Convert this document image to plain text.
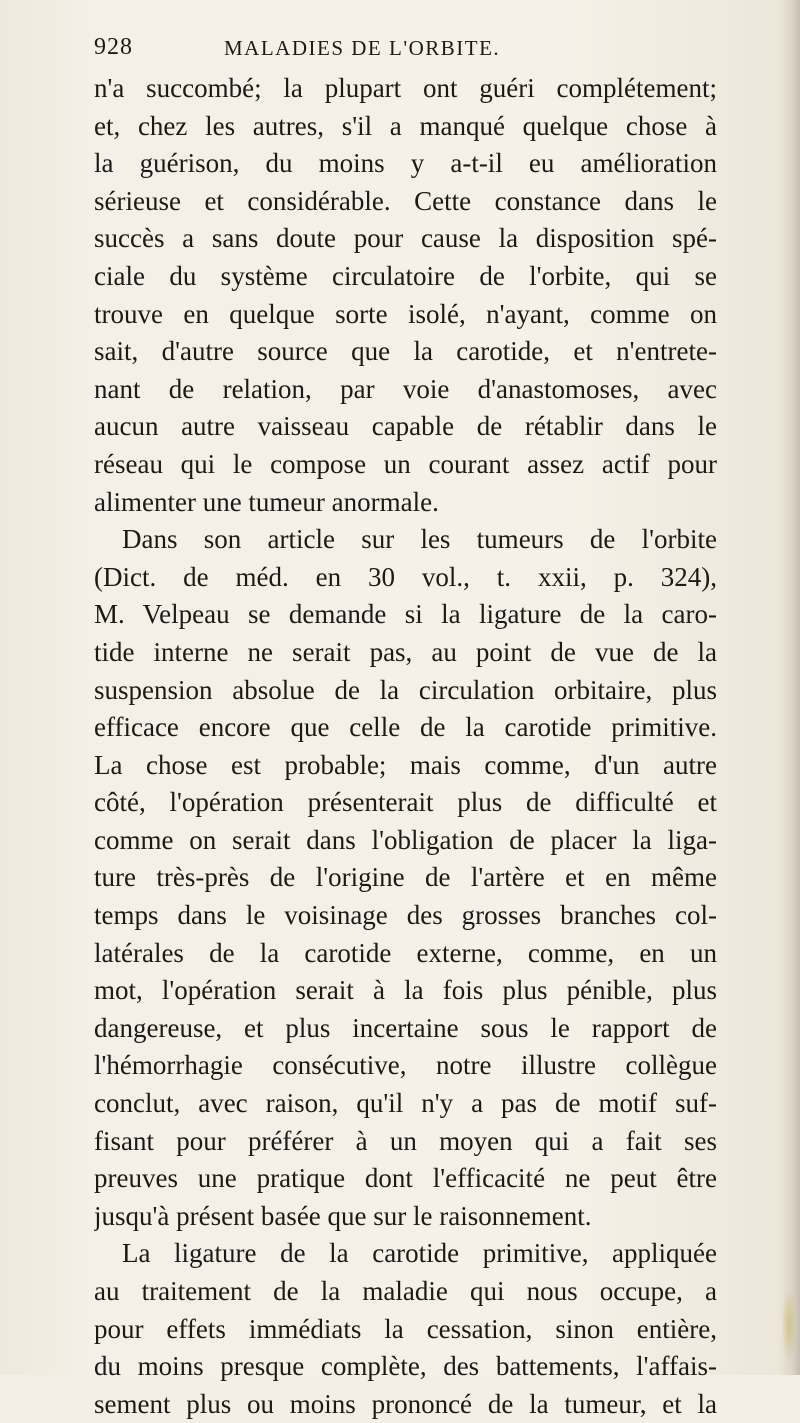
928	MALADIES DE L'ORBITE.
n'a succombé; la plupart ont guéri complétement;
et, chez les autres, s'il a manqué quelque chose à
la guérison, du moins y a-t-il eu amélioration
sérieuse et considérable. Cette constance dans le
succès a sans doute pour cause la disposition spé-
ciale du système circulatoire de l'orbite, qui se
trouve en quelque sorte isolé, n'ayant, comme on
sait, d'autre source que la carotide, et n'entrete-
nant de relation, par voie d'anastomoses, avec
aucun autre vaisseau capable de rétablir dans le
réseau qui le compose un courant assez actif pour
alimenter une tumeur anormale.
Dans son article sur les tumeurs de l'orbite
(Dict. de méd. en 30 vol., t. xxii, p. 324),
M. Velpeau se demande si la ligature de la caro-
tide interne ne serait pas, au point de vue de la
suspension absolue de la circulation orbitaire, plus
efficace encore que celle de la carotide primitive.
La chose est probable; mais comme, d'un autre
côté, l'opération présenterait plus de difficulté et
comme on serait dans l'obligation de placer la liga-
ture très-près de l'origine de l'artère et en même
temps dans le voisinage des grosses branches col-
latérales de la carotide externe, comme, en un
mot, l'opération serait à la fois plus pénible, plus
dangereuse, et plus incertaine sous le rapport de
l'hémorrhagie consécutive, notre illustre collègue
conclut, avec raison, qu'il n'y a pas de motif suf-
fisant pour préférer à un moyen qui a fait ses
preuves une pratique dont l'efficacité ne peut être
jusqu'à présent basée que sur le raisonnement.
La ligature de la carotide primitive, appliquée
au traitement de la maladie qui nous occupe, a
pour effets immédiats la cessation, sinon entière,
du moins presque complète, des battements, l'affais-
sement plus ou moins prononcé de la tumeur, et la
